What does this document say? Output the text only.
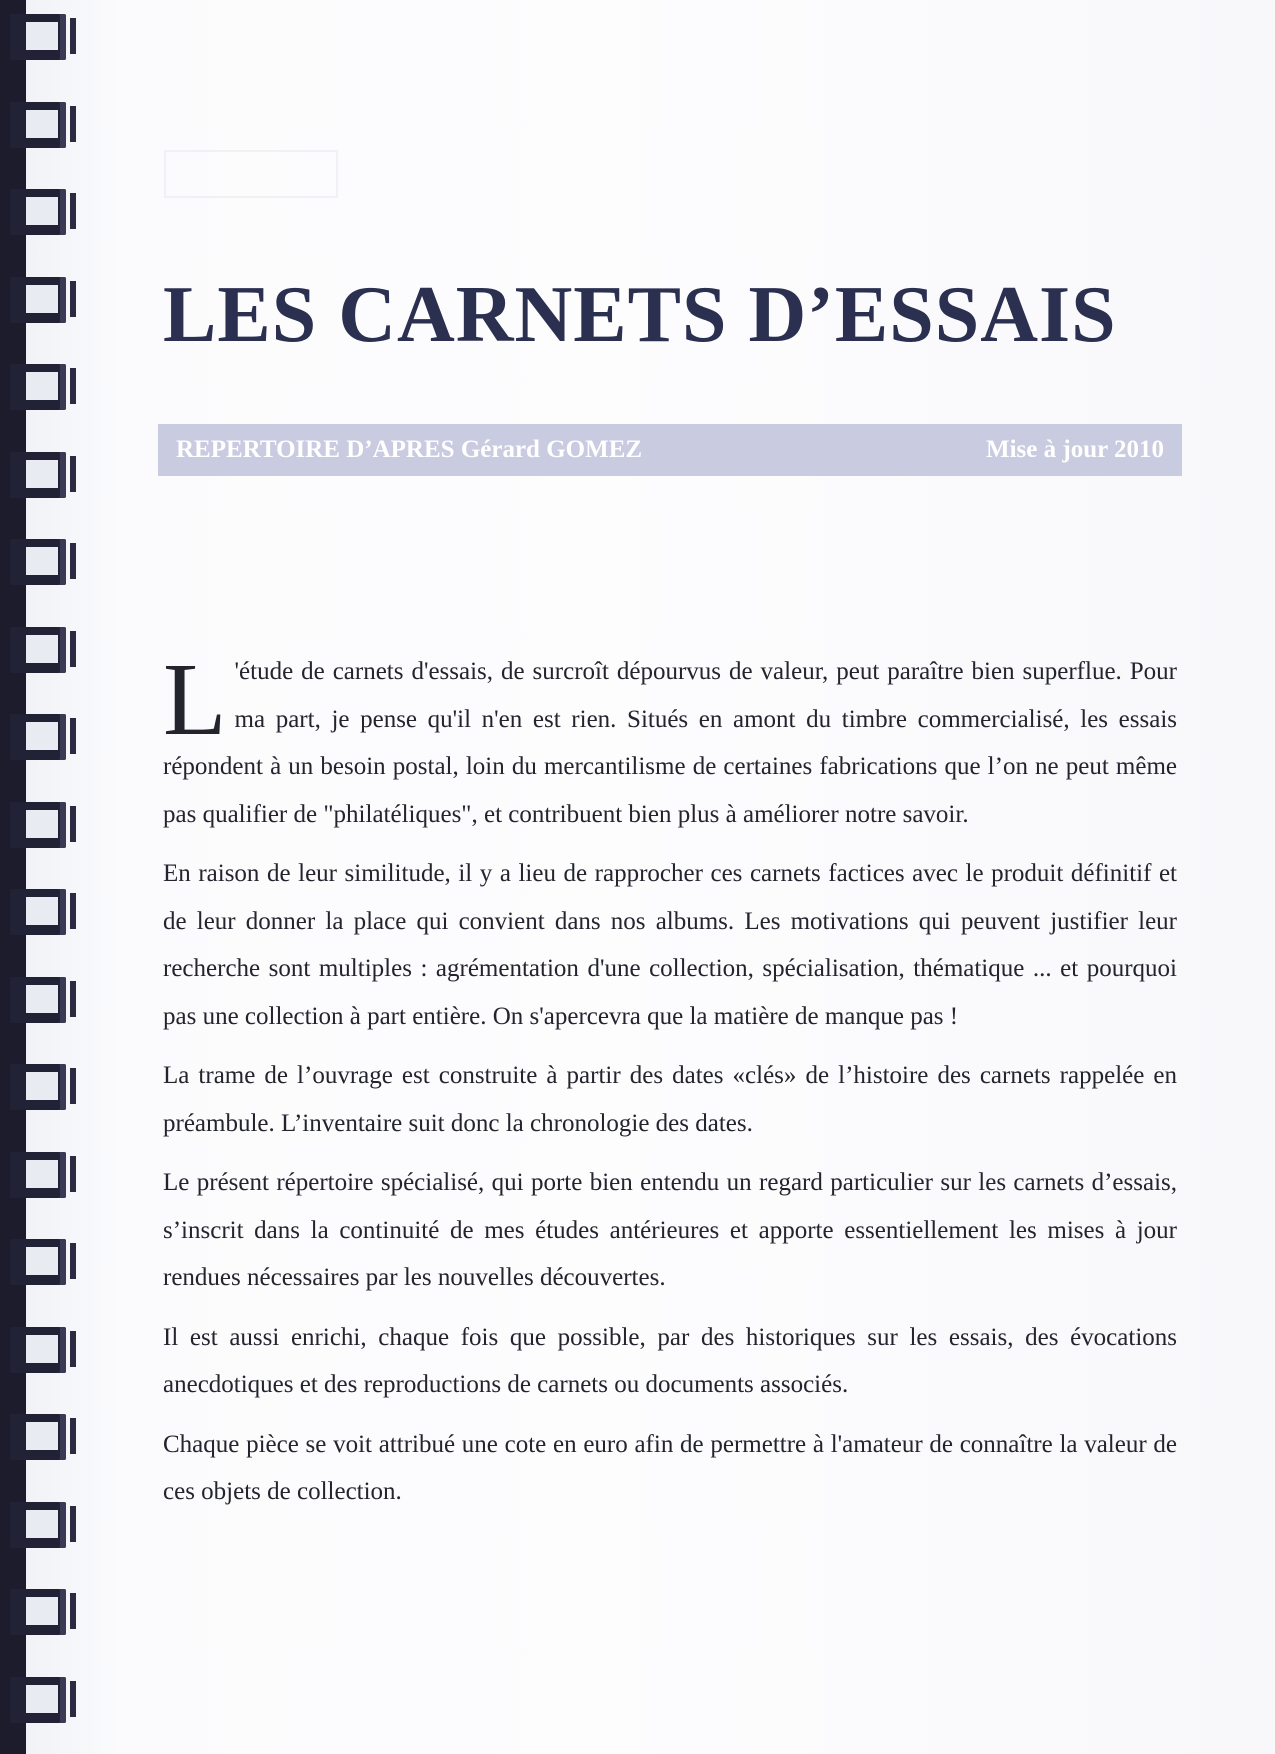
LES CARNETS D’ESSAIS
REPERTOIRE D’APRES Gérard GOMEZ	Mise à jour 2010

L 'étude de carnets d'essais, de surcroît dépourvus de valeur, peut paraître bien superflue. Pour ma part, je pense qu'il n'en est rien. Situés en amont du timbre commercialisé, les essais répondent à un besoin postal, loin du mercantilisme de certaines fabrications que l’on ne peut même pas qualifier de "philatéliques", et contribuent bien plus à améliorer notre savoir.

En raison de leur similitude, il y a lieu de rapprocher ces carnets factices avec le produit définitif et de leur donner la place qui convient dans nos albums. Les motivations qui peuvent justifier leur recherche sont multiples : agrémentation d'une collection, spécialisation, thématique ... et pourquoi pas une collection à part entière. On s'apercevra que la matière de manque pas !

La trame de l’ouvrage est construite à partir des dates «clés» de l’histoire des carnets rappelée en préambule. L’inventaire suit donc la chronologie des dates.

Le présent répertoire spécialisé, qui porte bien entendu un regard particulier sur les carnets d’essais, s’inscrit dans la continuité de mes études antérieures et apporte essentiellement les mises à jour rendues nécessaires par les nouvelles découvertes.

Il est aussi enrichi, chaque fois que possible, par des historiques sur les essais, des évocations anecdotiques et des reproductions de carnets ou documents associés.

Chaque pièce se voit attribué une cote en euro afin de permettre à l'amateur de connaître la valeur de ces objets de collection.
